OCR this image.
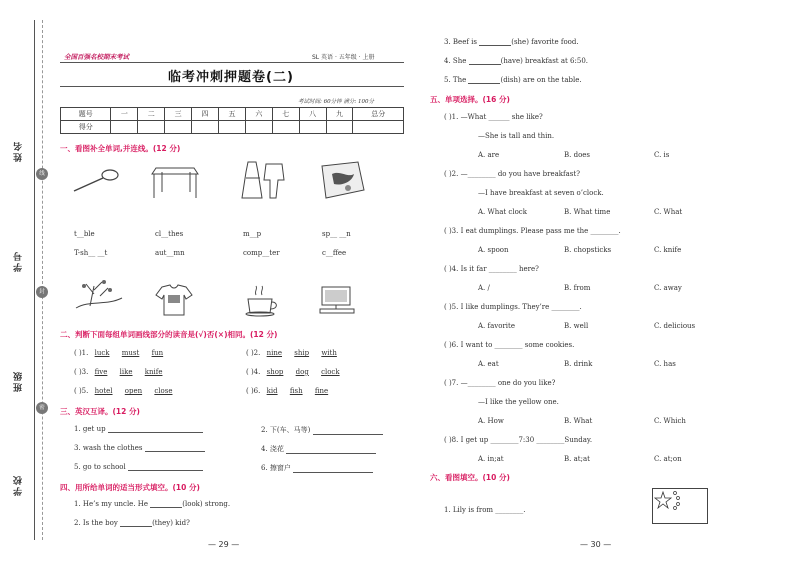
姓名
学号
班级
学校
线
封
密
全国百强名校期末考试	SL 英语 · 五年级 · 上册
临考冲刺押题卷(二)
考试时间: 60分钟 满分: 100分
题号	一	二	三	四	五	六	七	八	九	总分
得分										
一、看图补全单词,并连线。(12 分)
t__ble	cl__thes	m__p	sp__ __n
T-sh__ __t	aut__mn	comp__ter	c__ffee
二、判断下面每组单词画线部分的读音是(√)否(×)相同。(12 分)
( )1. luck must fun	( )2. nine ship with
( )3. five like knife	( )4. shop dog clock
( )5. hotel open close	( )6. kid fish fine
三、英汉互译。(12 分)
1. get up	2. 下(车、马等)
3. wash the clothes	4. 浇花
5. go to school	6. 擦窗户
四、用所给单词的适当形式填空。(10 分)
1. He’s my uncle. He	(look) strong.
2. Is the boy	(they) kid?
— 29 —
3. Beef is	(she) favorite food.
4. She	(have) breakfast at 6:50.
5. The	(dish) are on the table.
五、单项选择。(16 分)
( )1. —What ______ she like?
—She is tall and thin.
A. are	B. does	C. is
( )2. —________ do you have breakfast?
—I have breakfast at seven o’clock.
A. What clock	B. What time	C. What
( )3. I eat dumplings. Please pass me the ________.
A. spoon	B. chopsticks	C. knife
( )4. Is it far ________ here?
A. /	B. from	C. away
( )5. I like dumplings. They’re ________.
A. favorite	B. well	C. delicious
( )6. I want to ________ some cookies.
A. eat	B. drink	C. has
( )7. —________ one do you like?
—I like the yellow one.
A. How	B. What	C. Which
( )8. I get up ________7:30 ________Sunday.
A. in;at	B. at;at	C. at;on
六、看图填空。(10 分)
1. Lily is from ________.
— 30 —
